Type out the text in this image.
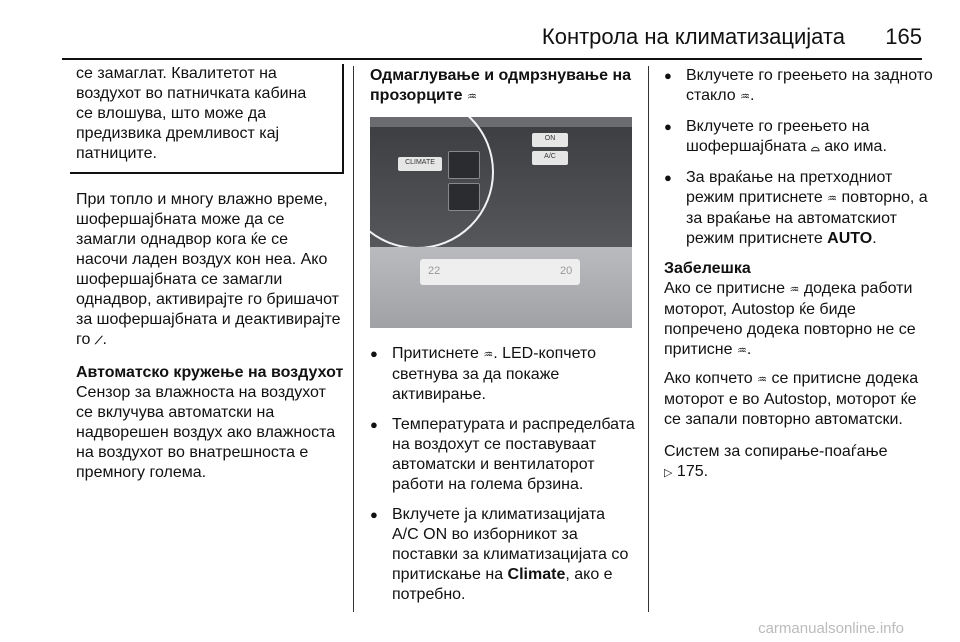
Контрола на климатизацијата 165

се замаглат. Квалитетот на

воздухот во патничката кабина

се влошува, што може да

предизвика дремливост кај

патниците.

При топло и многу влажно време, шофершајбната може да се замагли однадвор кога ќе се насочи ладен воздух кон неа. Ако шофершајбната се замагли однадвор, активирајте го бришачот за шофершајбната и деактивирајте го ⟋.

Автоматско кружење на воздухот

Сензор за влажноста на воздухот се вклучува автоматски на надворешен воздух ако влажноста на воздухот во внатрешноста е премногу голема.

Одмаглување и одмрзнување на
прозорците ♒

CLIMATE
ON
A/C
22	20
● Притиснете ♒. LED-копчето светнува за да покаже активирање.
● Температурата и распределбата на воздохут се поставуваат автоматски и вентилаторот работи на голема брзина.
● Вклучете ја климатизацијата A/C ON во изборникот за поставки за климатизацијата со притискање на Climate, ако е потребно.
● Вклучете го греењето на задното стакло ♒.
● Вклучете го греењето на шофершајбната ⌓ ако има.
● За враќање на претходниот режим притиснете ♒ повторно, а за враќање на автоматскиот режим притиснете AUTO.

Забелешка

Ако се притисне ♒ додека работи моторот, Autostop ќе биде попречено додека повторно не се притисне ♒.

Ако копчето ♒ се притисне додека моторот е во Autostop, моторот ќе се запали повторно автоматски.

Систем за сопирање-поаѓање
▷ 175.

carmanualsonline.info
